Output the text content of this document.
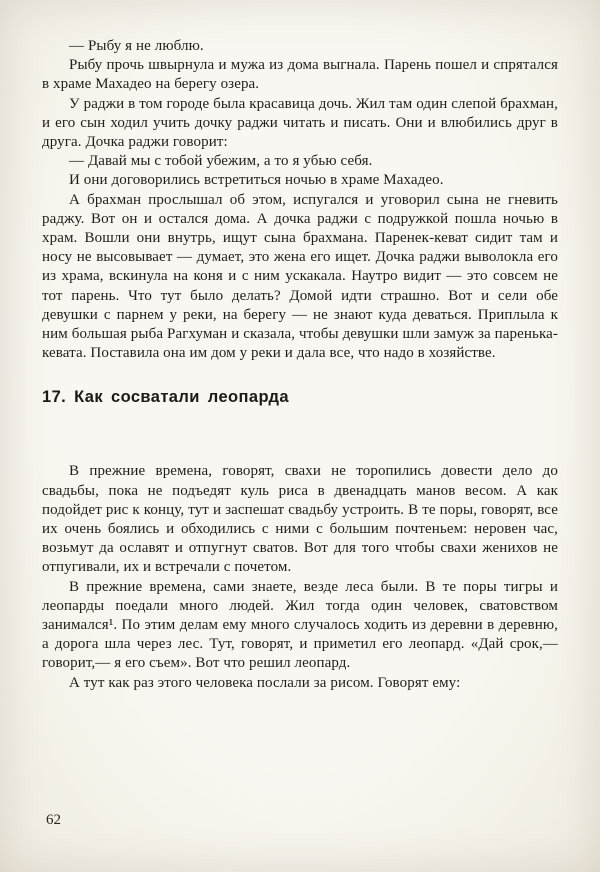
— Рыбу я не люблю.

Рыбу прочь швырнула и мужа из дома выгнала. Парень пошел и спрятался в храме Махадео на берегу озера.

У раджи в том городе была красавица дочь. Жил там один слепой брахман, и его сын ходил учить дочку раджи читать и писать. Они и влюбились друг в друга. Дочка раджи говорит:

— Давай мы с тобой убежим, а то я убью себя.

И они договорились встретиться ночью в храме Махадео.

А брахман прослышал об этом, испугался и уговорил сына не гневить раджу. Вот он и остался дома. А дочка раджи с подружкой пошла ночью в храм. Вошли они внутрь, ищут сына брахмана. Паренек-кеват сидит там и носу не высовывает — думает, это жена его ищет. Дочка раджи выволокла его из храма, вскинула на коня и с ним ускакала. Наутро видит — это совсем не тот парень. Что тут было делать? Домой идти страшно. Вот и сели обе девушки с парнем у реки, на берегу — не знают куда деваться. Приплыла к ним большая рыба Рагхуман и сказала, чтобы девушки шли замуж за паренька-кевата. Поставила она им дом у реки и дала все, что надо в хозяйстве.

17. Как сосватали леопарда

В прежние времена, говорят, свахи не торопились довести дело до свадьбы, пока не подъедят куль риса в двенадцать манов весом. А как подойдет рис к концу, тут и заспешат свадьбу устроить. В те поры, говорят, все их очень боялись и обходились с ними с большим почтеньем: неровен час, возьмут да ославят и отпугнут сватов. Вот для того чтобы свахи женихов не отпугивали, их и встречали с почетом.

В прежние времена, сами знаете, везде леса были. В те поры тигры и леопарды поедали много людей. Жил тогда один человек, сватовством занимался¹. По этим делам ему много случалось ходить из деревни в деревню, а дорога шла через лес. Тут, говорят, и приметил его леопард. «Дай срок,— говорит,— я его съем». Вот что решил леопард.

А тут как раз этого человека послали за рисом. Говорят ему:

62
